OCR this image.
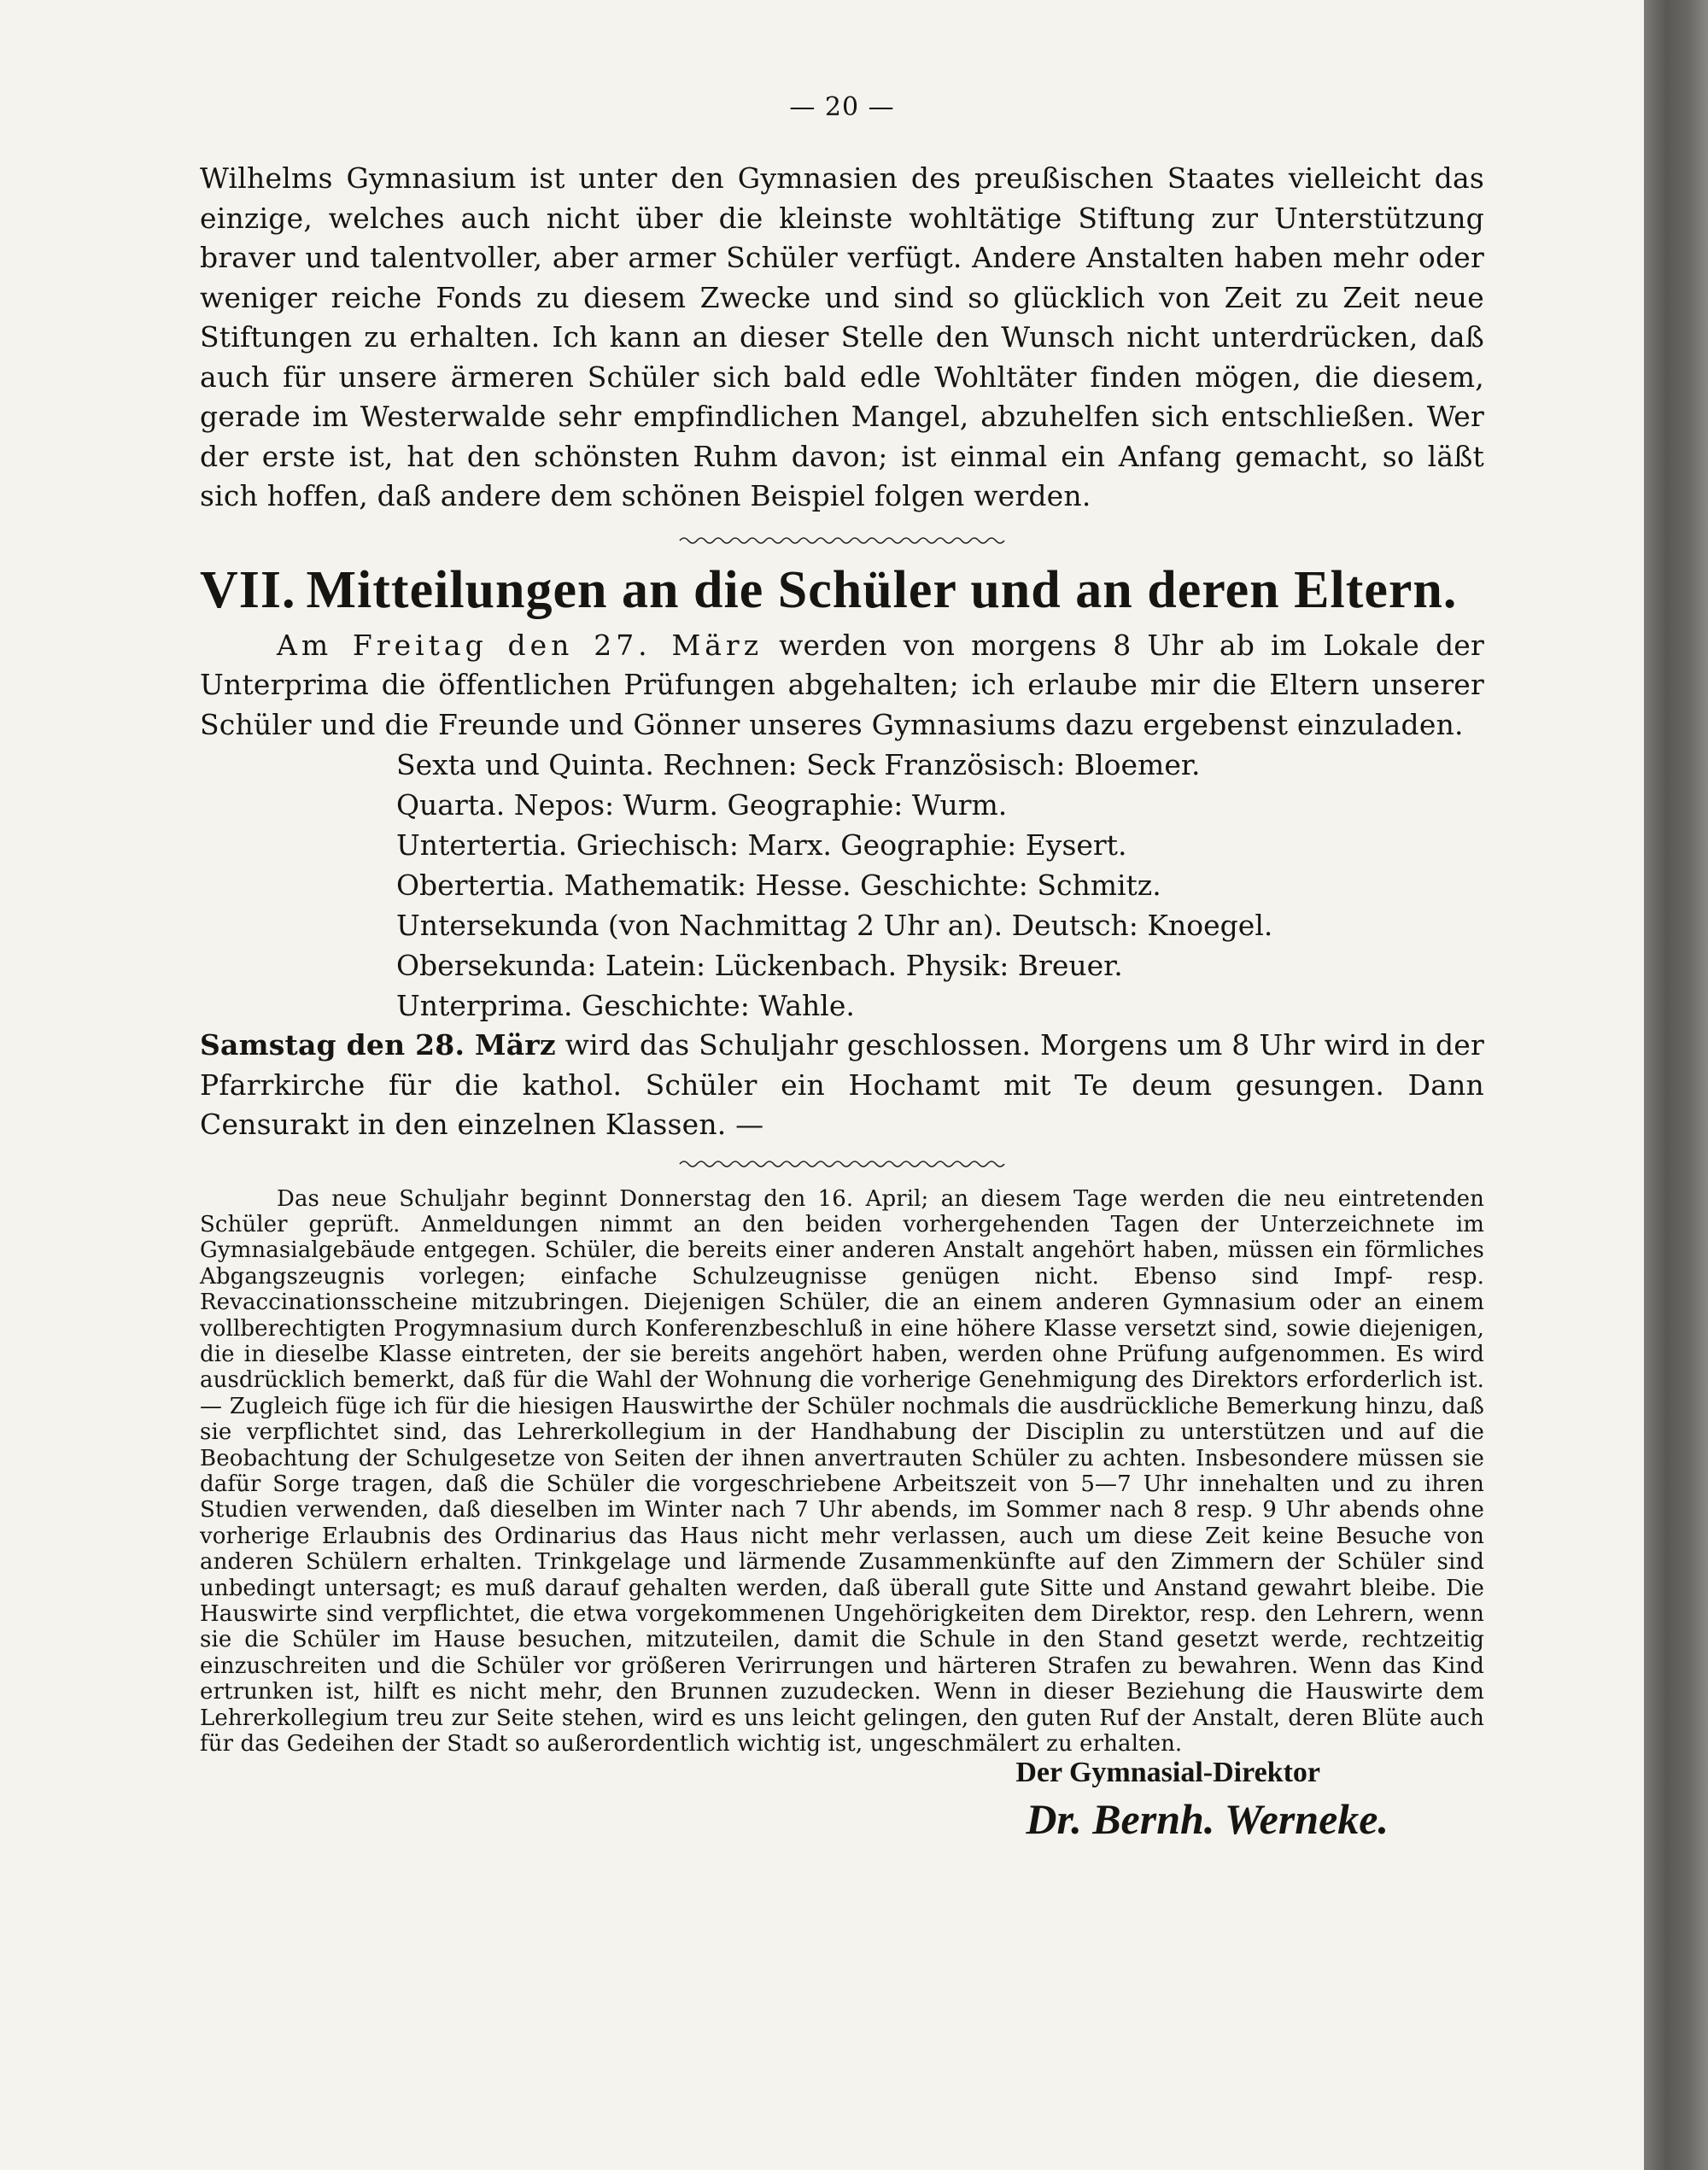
— 20 —

Wilhelms Gymnasium ist unter den Gymnasien des preußischen Staates vielleicht das einzige, welches auch nicht über die kleinste wohltätige Stiftung zur Unterstützung braver und talentvoller, aber armer Schüler verfügt. Andere Anstalten haben mehr oder weniger reiche Fonds zu diesem Zwecke und sind so glücklich von Zeit zu Zeit neue Stiftungen zu erhalten. Ich kann an dieser Stelle den Wunsch nicht unterdrücken, daß auch für unsere ärmeren Schüler sich bald edle Wohltäter finden mögen, die diesem, gerade im Westerwalde sehr empfindlichen Mangel, abzuhelfen sich entschließen. Wer der erste ist, hat den schönsten Ruhm davon; ist einmal ein Anfang gemacht, so läßt sich hoffen, daß andere dem schönen Beispiel folgen werden.

VII. Mitteilungen an die Schüler und an deren Eltern.

Am Freitag den 27. März werden von morgens 8 Uhr ab im Lokale der Unterprima die öffentlichen Prüfungen abgehalten; ich erlaube mir die Eltern unserer Schüler und die Freunde und Gönner unseres Gymnasiums dazu ergebenst einzuladen.

Sexta und Quinta. Rechnen: Seck Französisch: Bloemer.
Quarta. Nepos: Wurm. Geographie: Wurm.
Untertertia. Griechisch: Marx. Geographie: Eysert.
Obertertia. Mathematik: Hesse. Geschichte: Schmitz.
Untersekunda (von Nachmittag 2 Uhr an). Deutsch: Knoegel.
Obersekunda: Latein: Lückenbach. Physik: Breuer.
Unterprima. Geschichte: Wahle.

Samstag den 28. März wird das Schuljahr geschlossen. Morgens um 8 Uhr wird in der Pfarrkirche für die kathol. Schüler ein Hochamt mit Te deum gesungen. Dann Censurakt in den einzelnen Klassen. —

Das neue Schuljahr beginnt Donnerstag den 16. April; an diesem Tage werden die neu eintretenden Schüler geprüft. Anmeldungen nimmt an den beiden vorhergehenden Tagen der Unterzeichnete im Gymnasialgebäude entgegen. Schüler, die bereits einer anderen Anstalt angehört haben, müssen ein förmliches Abgangszeugnis vorlegen; einfache Schulzeugnisse genügen nicht. Ebenso sind Impf- resp. Revaccinationsscheine mitzubringen. Diejenigen Schüler, die an einem anderen Gymnasium oder an einem vollberechtigten Progymnasium durch Konferenzbeschluß in eine höhere Klasse versetzt sind, sowie diejenigen, die in dieselbe Klasse eintreten, der sie bereits angehört haben, werden ohne Prüfung aufgenommen. Es wird ausdrücklich bemerkt, daß für die Wahl der Wohnung die vorherige Genehmigung des Direktors erforderlich ist. — Zugleich füge ich für die hiesigen Hauswirthe der Schüler nochmals die ausdrückliche Bemerkung hinzu, daß sie verpflichtet sind, das Lehrerkollegium in der Handhabung der Disciplin zu unterstützen und auf die Beobachtung der Schulgesetze von Seiten der ihnen anvertrauten Schüler zu achten. Insbesondere müssen sie dafür Sorge tragen, daß die Schüler die vorgeschriebene Arbeitszeit von 5—7 Uhr innehalten und zu ihren Studien verwenden, daß dieselben im Winter nach 7 Uhr abends, im Sommer nach 8 resp. 9 Uhr abends ohne vorherige Erlaubnis des Ordinarius das Haus nicht mehr verlassen, auch um diese Zeit keine Besuche von anderen Schülern erhalten. Trinkgelage und lärmende Zusammenkünfte auf den Zimmern der Schüler sind unbedingt untersagt; es muß darauf gehalten werden, daß überall gute Sitte und Anstand gewahrt bleibe. Die Hauswirte sind verpflichtet, die etwa vorgekommenen Ungehörigkeiten dem Direktor, resp. den Lehrern, wenn sie die Schüler im Hause besuchen, mitzuteilen, damit die Schule in den Stand gesetzt werde, rechtzeitig einzuschreiten und die Schüler vor größeren Verirrungen und härteren Strafen zu bewahren. Wenn das Kind ertrunken ist, hilft es nicht mehr, den Brunnen zuzudecken. Wenn in dieser Beziehung die Hauswirte dem Lehrerkollegium treu zur Seite stehen, wird es uns leicht gelingen, den guten Ruf der Anstalt, deren Blüte auch für das Gedeihen der Stadt so außerordentlich wichtig ist, ungeschmälert zu erhalten.

Der Gymnasial-Direktor
Dr. Bernh. Werneke.
